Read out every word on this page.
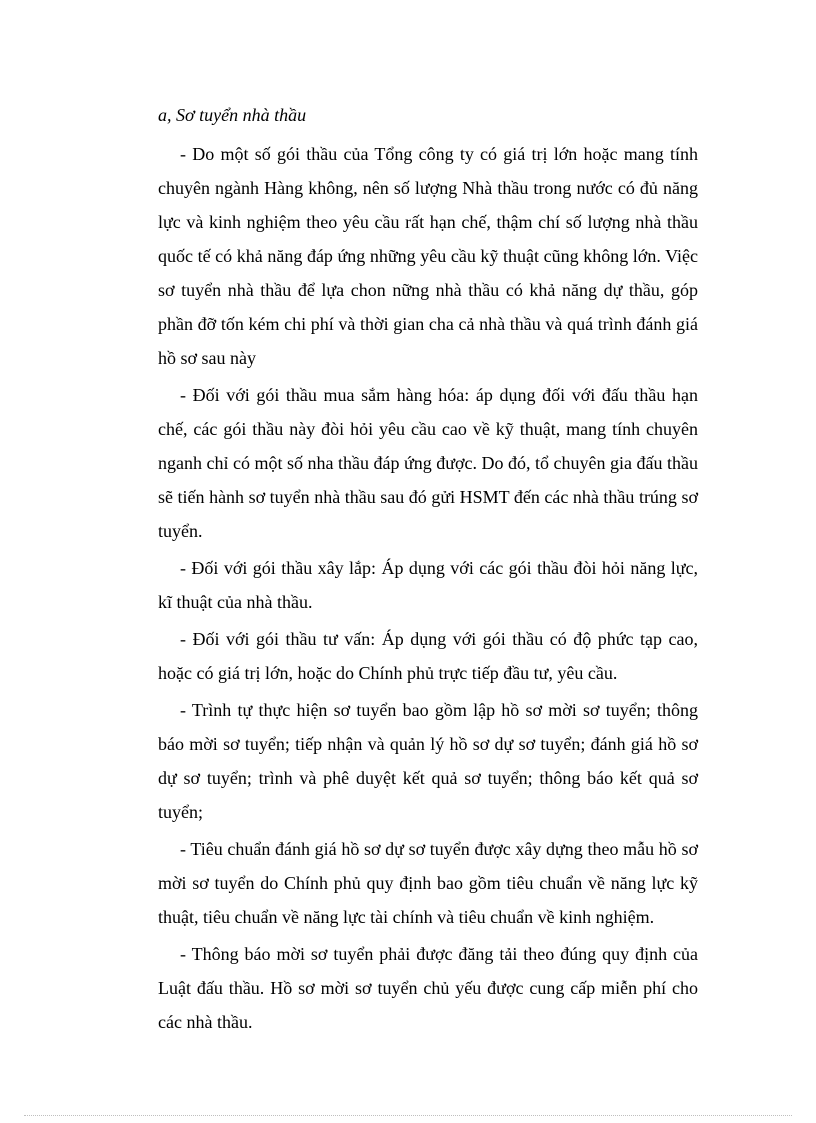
a, Sơ tuyển nhà thầu

- Do một số gói thầu của Tổng công ty có giá trị lớn hoặc mang tính chuyên ngành Hàng không, nên số lượng Nhà thầu trong nước có đủ năng lực và kinh nghiệm theo yêu cầu rất hạn chế, thậm chí số lượng nhà thầu quốc tế có khả năng đáp ứng những yêu cầu kỹ thuật cũng không lớn. Việc sơ tuyển nhà thầu để lựa chon nững nhà thầu có khả năng dự thầu, góp phần đỡ tốn kém chi phí và thời gian cha cả nhà thầu và quá trình đánh giá hồ sơ sau này

- Đối với gói thầu mua sắm hàng hóa: áp dụng đối với đấu thầu hạn chế, các gói thầu này đòi hỏi yêu cầu cao về kỹ thuật, mang tính chuyên nganh chỉ có một số nha thầu đáp ứng được. Do đó, tổ chuyên gia đấu thầu sẽ tiến hành sơ tuyển nhà thầu sau đó gửi HSMT đến các nhà thầu trúng sơ tuyển.

- Đối với gói thầu xây lắp: Áp dụng với các gói thầu đòi hỏi năng lực, kĩ thuật của nhà thầu.

- Đối với gói thầu tư vấn: Áp dụng với gói thầu có độ phức tạp cao, hoặc có giá trị lớn, hoặc do Chính phủ trực tiếp đầu tư, yêu cầu.

- Trình tự thực hiện sơ tuyển bao gồm lập hồ sơ mời sơ tuyển; thông báo mời sơ tuyển; tiếp nhận và quản lý hồ sơ dự sơ tuyển; đánh giá hồ sơ dự sơ tuyển; trình và phê duyệt kết quả sơ tuyển; thông báo kết quả sơ tuyển;

- Tiêu chuẩn đánh giá hồ sơ dự sơ tuyển được xây dựng theo mẫu hồ sơ mời sơ tuyển do Chính phủ quy định bao gồm tiêu chuẩn về năng lực kỹ thuật, tiêu chuẩn về năng lực tài chính và tiêu chuẩn về kinh nghiệm.

- Thông báo mời sơ tuyển phải được đăng tải theo đúng quy định của Luật đấu thầu. Hồ sơ mời sơ tuyển chủ yếu được cung cấp miễn phí cho các nhà thầu.
